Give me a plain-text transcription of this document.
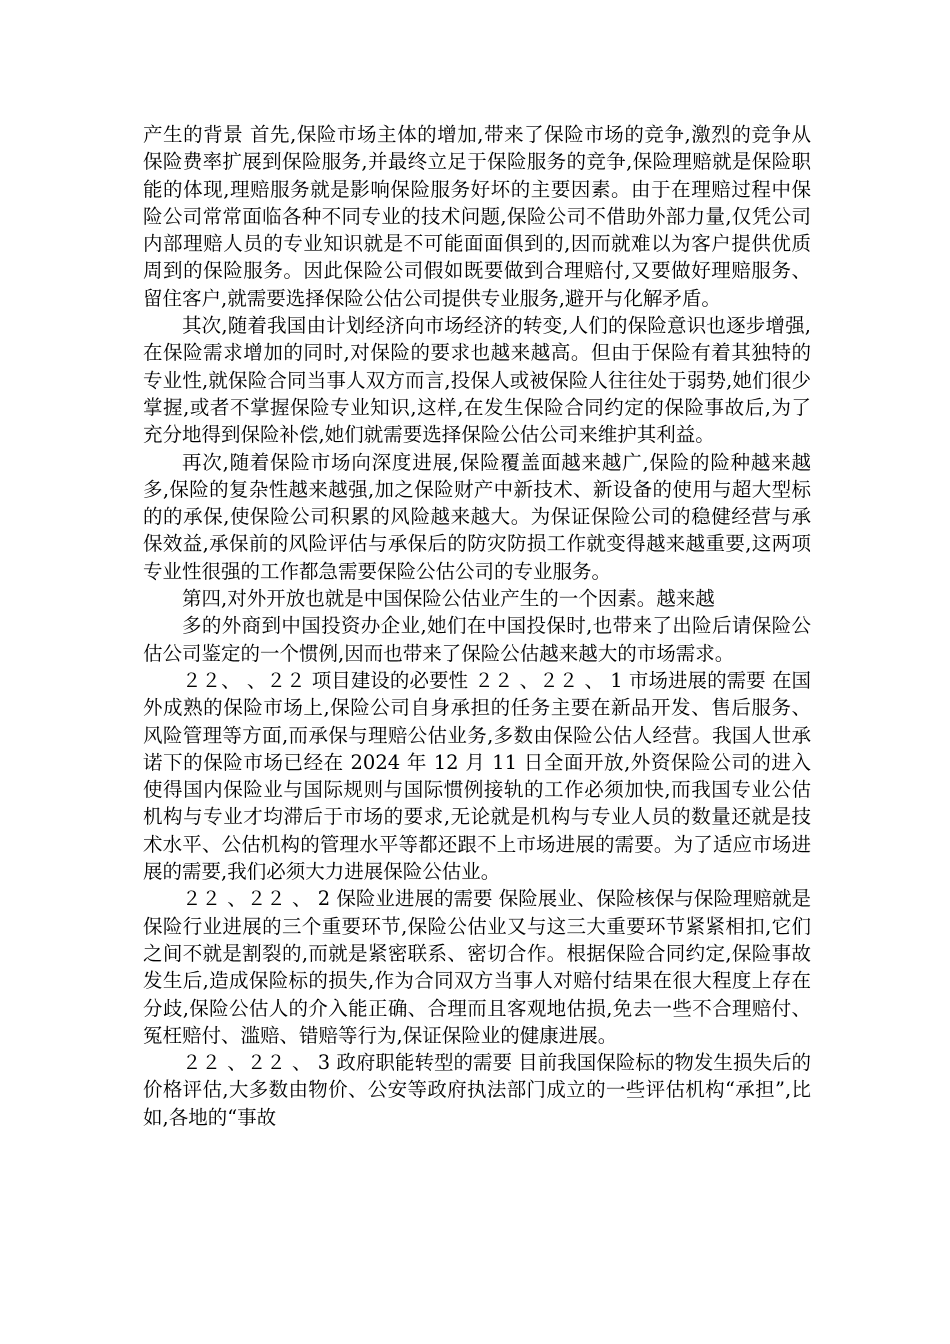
产生的背景 首先,保险市场主体的增加,带来了保险市场的竞争,激烈的竞争从保险费率扩展到保险服务,并最终立足于保险服务的竞争,保险理赔就是保险职能的体现,理赔服务就是影响保险服务好坏的主要因素。由于在理赔过程中保险公司常常面临各种不同专业的技术问题,保险公司不借助外部力量,仅凭公司内部理赔人员的专业知识就是不可能面面俱到的,因而就难以为客户提供优质周到的保险服务。因此保险公司假如既要做到合理赔付,又要做好理赔服务、留住客户,就需要选择保险公估公司提供专业服务,避开与化解矛盾。

其次,随着我国由计划经济向市场经济的转变,人们的保险意识也逐步增强,在保险需求增加的同时,对保险的要求也越来越高。但由于保险有着其独特的专业性,就保险合同当事人双方而言,投保人或被保险人往往处于弱势,她们很少掌握,或者不掌握保险专业知识,这样,在发生保险合同约定的保险事故后,为了充分地得到保险补偿,她们就需要选择保险公估公司来维护其利益。

再次,随着保险市场向深度进展,保险覆盖面越来越广,保险的险种越来越多,保险的复杂性越来越强,加之保险财产中新技术、新设备的使用与超大型标的的承保,使保险公司积累的风险越来越大。为保证保险公司的稳健经营与承保效益,承保前的风险评估与承保后的防灾防损工作就变得越来越重要,这两项专业性很强的工作都急需要保险公估公司的专业服务。

第四,对外开放也就是中国保险公估业产生的一个因素。越来越

多的外商到中国投资办企业,她们在中国投保时,也带来了出险后请保险公估公司鉴定的一个惯例,因而也带来了保险公估越来越大的市场需求。

２２、 、２２ 项目建设的必要性 ２２ 、２２ 、 1 市场进展的需要 在国外成熟的保险市场上,保险公司自身承担的任务主要在新品开发、售后服务、风险管理等方面,而承保与理赔公估业务,多数由保险公估人经营。我国人世承诺下的保险市场已经在 2024 年 12 月 11 日全面开放,外资保险公司的进入使得国内保险业与国际规则与国际惯例接轨的工作必须加快,而我国专业公估机构与专业才均滞后于市场的要求,无论就是机构与专业人员的数量还就是技术水平、公估机构的管理水平等都还跟不上市场进展的需要。为了适应市场进展的需要,我们必须大力进展保险公估业。

２２ 、２２ 、 2 保险业进展的需要 保险展业、保险核保与保险理赔就是保险行业进展的三个重要环节,保险公估业又与这三大重要环节紧紧相扣,它们之间不就是割裂的,而就是紧密联系、密切合作。根据保险合同约定,保险事故发生后,造成保险标的损失,作为合同双方当事人对赔付结果在很大程度上存在分歧,保险公估人的介入能正确、合理而且客观地估损,免去一些不合理赔付、冤枉赔付、滥赔、错赔等行为,保证保险业的健康进展。

２２ 、２２ 、 3 政府职能转型的需要 目前我国保险标的物发生损失后的价格评估,大多数由物价、公安等政府执法部门成立的一些评估机构“承担”,比如,各地的“事故
